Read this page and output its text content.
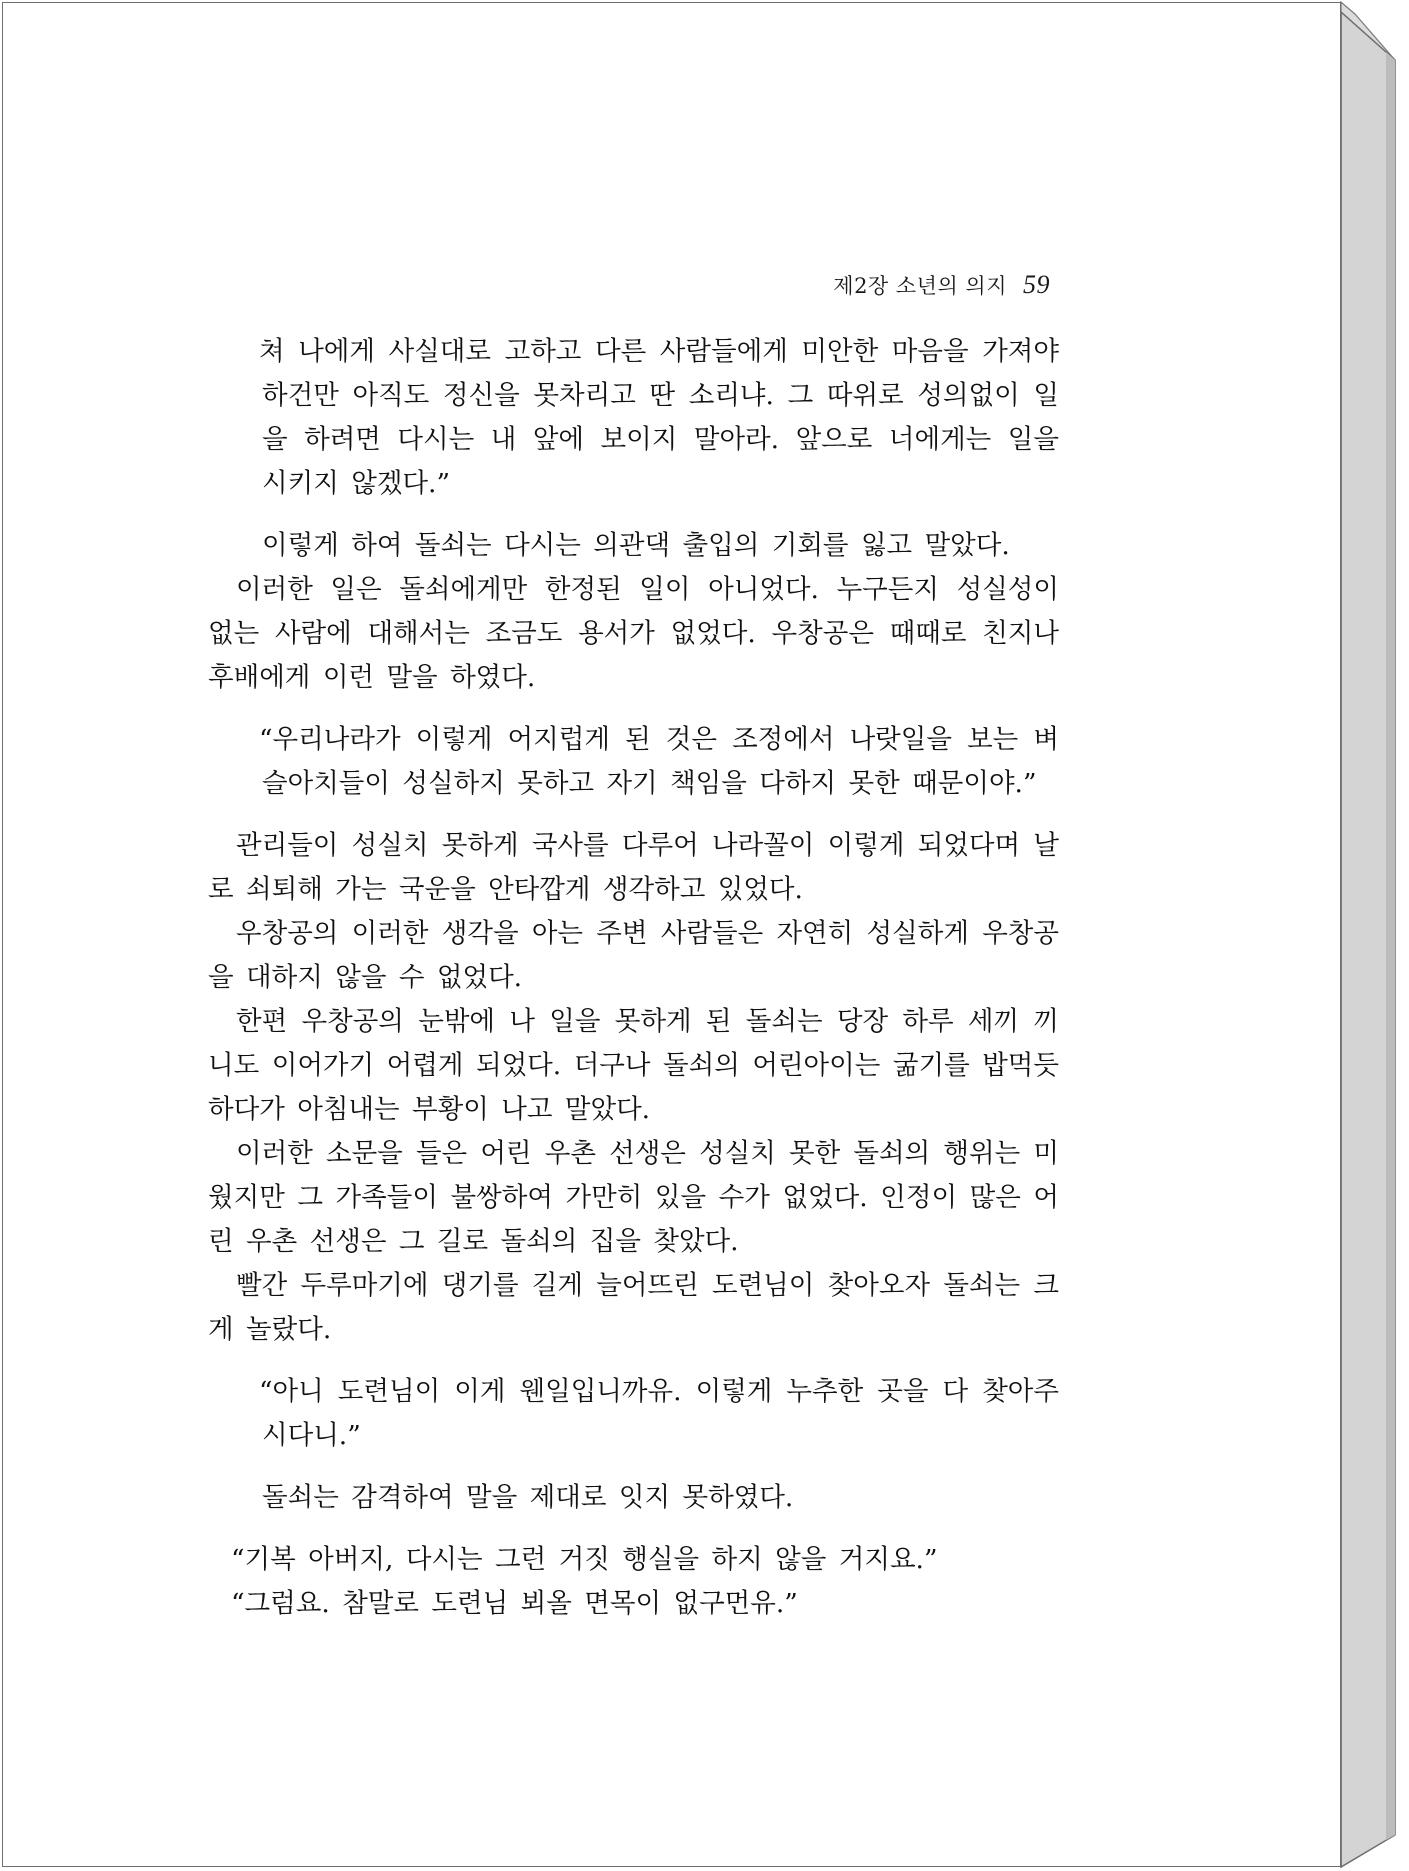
제2장 소년의 의지 59

쳐 나에게 사실대로 고하고 다른 사람들에게 미안한 마음을 가져야 하건만 아직도 정신을 못차리고 딴 소리냐. 그 따위로 성의없이 일을 하려면 다시는 내 앞에 보이지 말아라. 앞으로 너에게는 일을 시키지 않겠다.”

이렇게 하여 돌쇠는 다시는 의관댁 출입의 기회를 잃고 말았다.

이러한 일은 돌쇠에게만 한정된 일이 아니었다. 누구든지 성실성이 없는 사람에 대해서는 조금도 용서가 없었다. 우창공은 때때로 친지나 후배에게 이런 말을 하였다.

“우리나라가 이렇게 어지럽게 된 것은 조정에서 나랏일을 보는 벼슬아치들이 성실하지 못하고 자기 책임을 다하지 못한 때문이야.”

관리들이 성실치 못하게 국사를 다루어 나라꼴이 이렇게 되었다며 날로 쇠퇴해 가는 국운을 안타깝게 생각하고 있었다.

우창공의 이러한 생각을 아는 주변 사람들은 자연히 성실하게 우창공을 대하지 않을 수 없었다.

한편 우창공의 눈밖에 나 일을 못하게 된 돌쇠는 당장 하루 세끼 끼니도 이어가기 어렵게 되었다. 더구나 돌쇠의 어린아이는 굶기를 밥먹듯 하다가 아침내는 부황이 나고 말았다.

이러한 소문을 들은 어린 우촌 선생은 성실치 못한 돌쇠의 행위는 미웠지만 그 가족들이 불쌍하여 가만히 있을 수가 없었다. 인정이 많은 어린 우촌 선생은 그 길로 돌쇠의 집을 찾았다.

빨간 두루마기에 댕기를 길게 늘어뜨린 도련님이 찾아오자 돌쇠는 크게 놀랐다.

“아니 도련님이 이게 웬일입니까유. 이렇게 누추한 곳을 다 찾아주시다니.”

돌쇠는 감격하여 말을 제대로 잇지 못하였다.

“기복 아버지, 다시는 그런 거짓 행실을 하지 않을 거지요.”

“그럼요. 참말로 도련님 뵈올 면목이 없구먼유.”
